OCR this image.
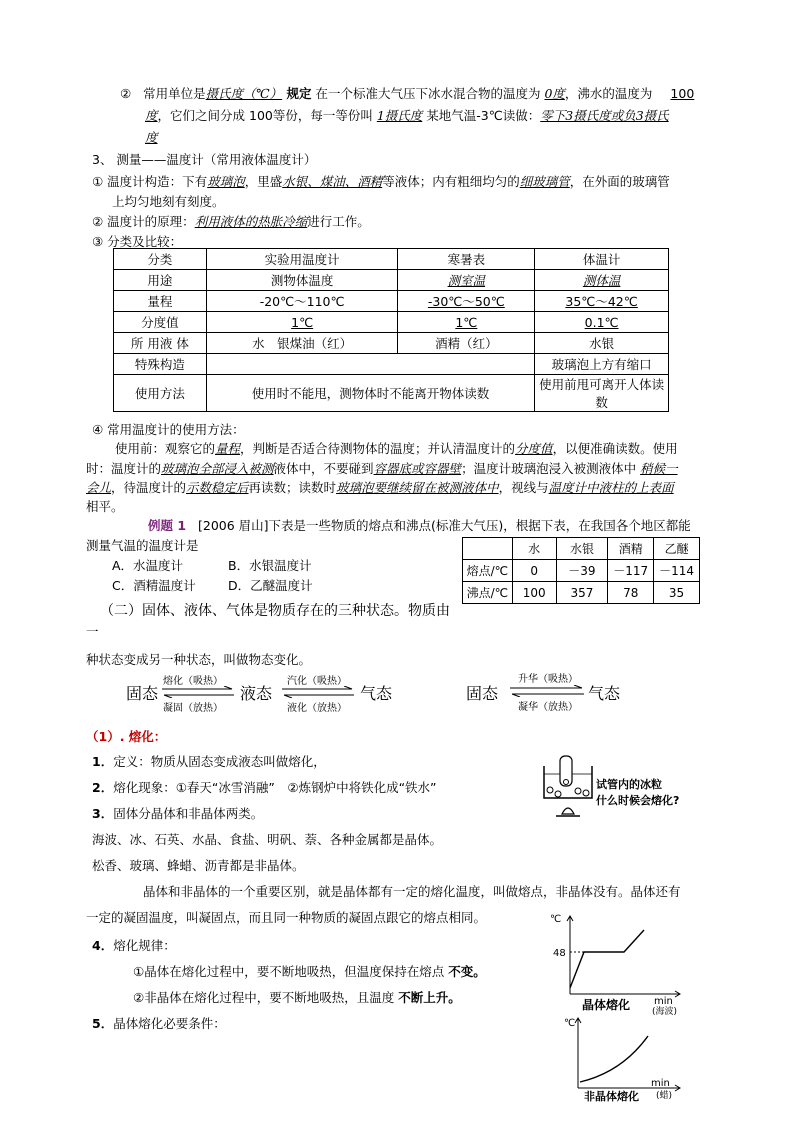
② 常用单位是摄氏度（℃） 规定 在一个标准大气压下冰水混合物的温度为 0度，沸水的温度为 100
度，它们之间分成 100等份，每一等份叫 1摄氏度 某地气温-3℃读做：零下3摄氏度或负3摄氏
度
3、 测量——温度计（常用液体温度计）
① 温度计构造：下有玻璃泡，里盛水银、煤油、酒精等液体；内有粗细均匀的细玻璃管，在外面的玻璃管
上均匀地刻有刻度。
② 温度计的原理：利用液体的热胀冷缩进行工作。
③ 分类及比较：
分类	实验用温度计	寒暑表	体温计
用途	测物体温度	测室温	测体温
量程	-20℃～110℃	-30℃～50℃	35℃～42℃
分度值	1℃	1℃	0.1℃
所 用液 体	水　银煤油（红）	酒精（红）	水银
特殊构造			玻璃泡上方有缩口
使用方法	使用时不能甩，测物体时不能离开物体读数		使用前甩可离开人体读数
④ 常用温度计的使用方法：
使用前：观察它的量程，判断是否适合待测物体的温度；并认清温度计的分度值，以便准确读数。使用
时：温度计的玻璃泡全部浸入被测液体中，不要碰到容器底或容器壁；温度计玻璃泡浸入被测液体中 稍候一
会儿，待温度计的示数稳定后再读数；读数时玻璃泡要继续留在被测液体中，视线与温度计中液柱的上表面
相平。
例题 1 [2006 眉山]下表是一些物质的熔点和沸点(标准大气压)，根据下表，在我国各个地区都能
测量气温的温度计是
A．水温度计	B．水银温度计
C．酒精温度计	D．乙醚温度计
	水	水银	酒精	乙醚
熔点/℃	0	－39	－117	－114
沸点/℃	100	357	78	35
（二）固体、液体、气体是物质存在的三种状态。物质由
一
种状态变成另一种状态，叫做物态变化。
固态
熔化（吸热）
凝固（放热）
液态
汽化（吸热）
液化（放热）
气态	固态
升华（吸热）
凝华（放热）
气态
（1）. 熔化：
1．定义：物质从固态变成液态叫做熔化，
2．熔化现象：①春天“冰雪消融”　②炼钢炉中将铁化成“铁水”
3．固体分晶体和非晶体两类。
海波、冰、石英、水晶、食盐、明矾、萘、各种金属都是晶体。
松香、玻璃、蜂蜡、沥青都是非晶体。
晶体和非晶体的一个重要区别，就是晶体都有一定的熔化温度，叫做熔点，非晶体没有。晶体还有
一定的凝固温度，叫凝固点，而且同一种物质的凝固点跟它的熔点相同。
4．熔化规律：
①晶体在熔化过程中，要不断地吸热，但温度保持在熔点 不变。
②非晶体在熔化过程中，要不断地吸热，且温度 不断上升。
5．晶体熔化必要条件：
试管内的冰粒
什么时候会熔化?
℃
48
min
(海波)
晶体熔化
℃
min
(蜡)
非晶体熔化
